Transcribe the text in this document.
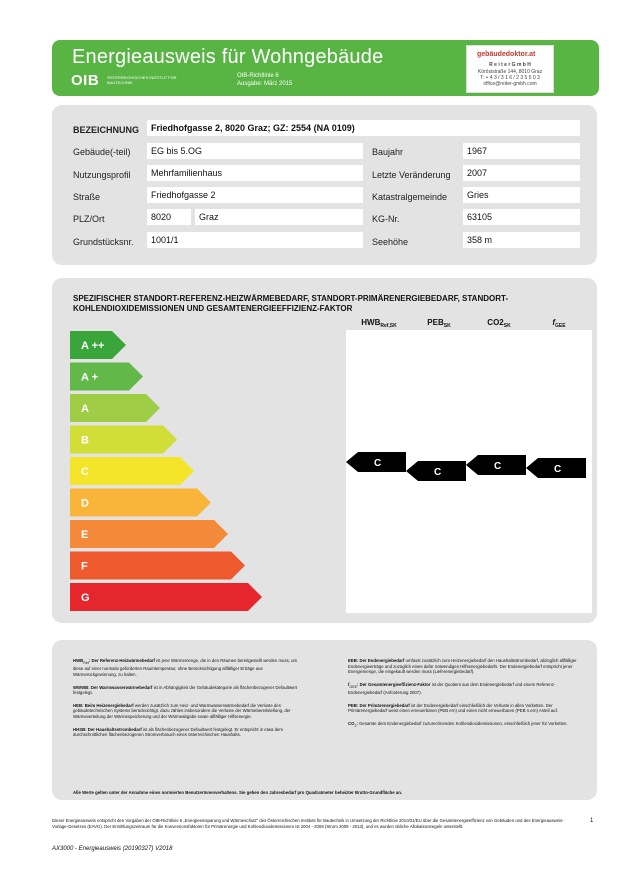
Energieausweis für Wohngebäude
OIB ÖSTERREICHISCHES INSTITUT FÜR BAUTECHNIK
OIB-Richtlinie 6
Ausgabe: März 2015
gebäudedoktor.at
R e i t e r G m b H
Körösistraße 144, 8010 Graz
T: + 4 3 / 3 1 6 / 2 3 5 5 0 3
office@reiter-gmbh.com
BEZEICHNUNG	Friedhofgasse 2, 8020 Graz; GZ: 2554 (NA 0109)
Gebäude(-teil)	EG bis 5.OG
Nutzungsprofil	Mehrfamilienhaus
Straße	Friedhofgasse 2
PLZ/Ort	8020	Graz
Grundstücksnr.	1001/1
Baujahr	1967
Letzte Veränderung	2007
Katastralgemeinde	Gries
KG-Nr.	63105
Seehöhe	358 m
SPEZIFISCHER STANDORT-REFERENZ-HEIZWÄRMEBEDARF, STANDORT-PRIMÄRENERGIEBEDARF, STANDORT-KOHLENDIOXIDEMISSIONEN UND GESAMTENERGIEEFFIZIENZ-FAKTOR
$HWB_{Ref,SK}$	$PEB_{SK}$	$CO2_{SK}$	$f_{GEE}$
A ++
A +
A
B
C
D
E
F
G
C
C
C	C
$HWB_{Ref}$: Der Referenz-Heizwärmebedarf ist jene Wärmemenge, die in den Räumen bereitgestellt werden muss, um diese auf einer normativ geforderten Raumtemperatur, ohne Berücksichtigung allfälliger Erträge aus Wärmerückgewinnung, zu halten.
WWWB: Der Warmwasserwärmebedarf ist in Abhängigkeit der Gebäudekategorie als flächenbezogener Defaultwert festgelegt.
HEB: Beim Heizenergiebedarf werden zusätzlich zum Heiz- und Warmwasserwärmebedarf die Verluste des gebäudetechnischen Systems berücksichtigt, dazu zählen insbesondere die Verluste der Wärmebereitstellung, der Wärmeverteilung der Wärmespeicherung und der Wärmeabgabe sowie allfälliger Hilfsenergie.
HHSB: Der Haushaltsstrombedarf ist als flächenbezogener Defaultwert festgelegt. Er entspricht in etwa dem durchschnittlichen flächenbezogenen Stromverbrauch eines österreichischen Haushalts.
EEB: Der Endenergiebedarf umfasst zusätzlich zum Heizenergiebedarf den Haushaltsstrombedarf, abzüglich allfälliger Endenergieerträge und zuzüglich eines dafür notwendigen Hilfsenergiebedarfs. Der Endenergiebedarf entspricht jener Energiemenge, die eingekauft werden muss (Lieferenergiebedarf).
$f_{GEE}$: Der Gesamtenergieeffizienz-Faktor ist der Quotient aus dem Endenergiebedarf und einem Referenz-Endenergiebedarf (Anforderung 2007).
PEB: Der Primärenergiebedarf ist der Endenergiebedarf einschließlich der Verluste in allen Vorketten. Der Primärenergiebedarf weist einen erneuerbaren (PEB ern) und einen nicht erneuerbaren (PEB n.ern) Anteil auf.
$CO_2$: Gesamte dem Endenergiebedarf zuzurechnenden Kohlendioxidemissionen, einschließlich jener für Vorketten.
Alle Werte gelten unter der Annahme eines normierten BenutzerInnenverhaltens. Sie geben den Jahresbedarf pro Quadratmeter beheizter Brutto-Grundfläche an.
Dieser Energieausweis entspricht den Vorgaben der OIB-Richtlinie 6 „Energieeinsparung und Wärmeschutz“ des Österreichischen Instituts für Bautechnik in Umsetzung der Richtlinie 2010/31/EU über die Gesamtenergieeffizienz von Gebäuden und des Energieausweis-Vorlage-Gesetzes (EAVG). Der Ermittlungszeitraum für die Konversionsfaktoren für Primärenergie und Kohlendioxidemissionen ist 2004 - 2008 (Strom 2009 - 2013), und es wurden übliche Allokationsregeln unterstellt.
1
AX3000 - Energieausweis (20190327) V2018
